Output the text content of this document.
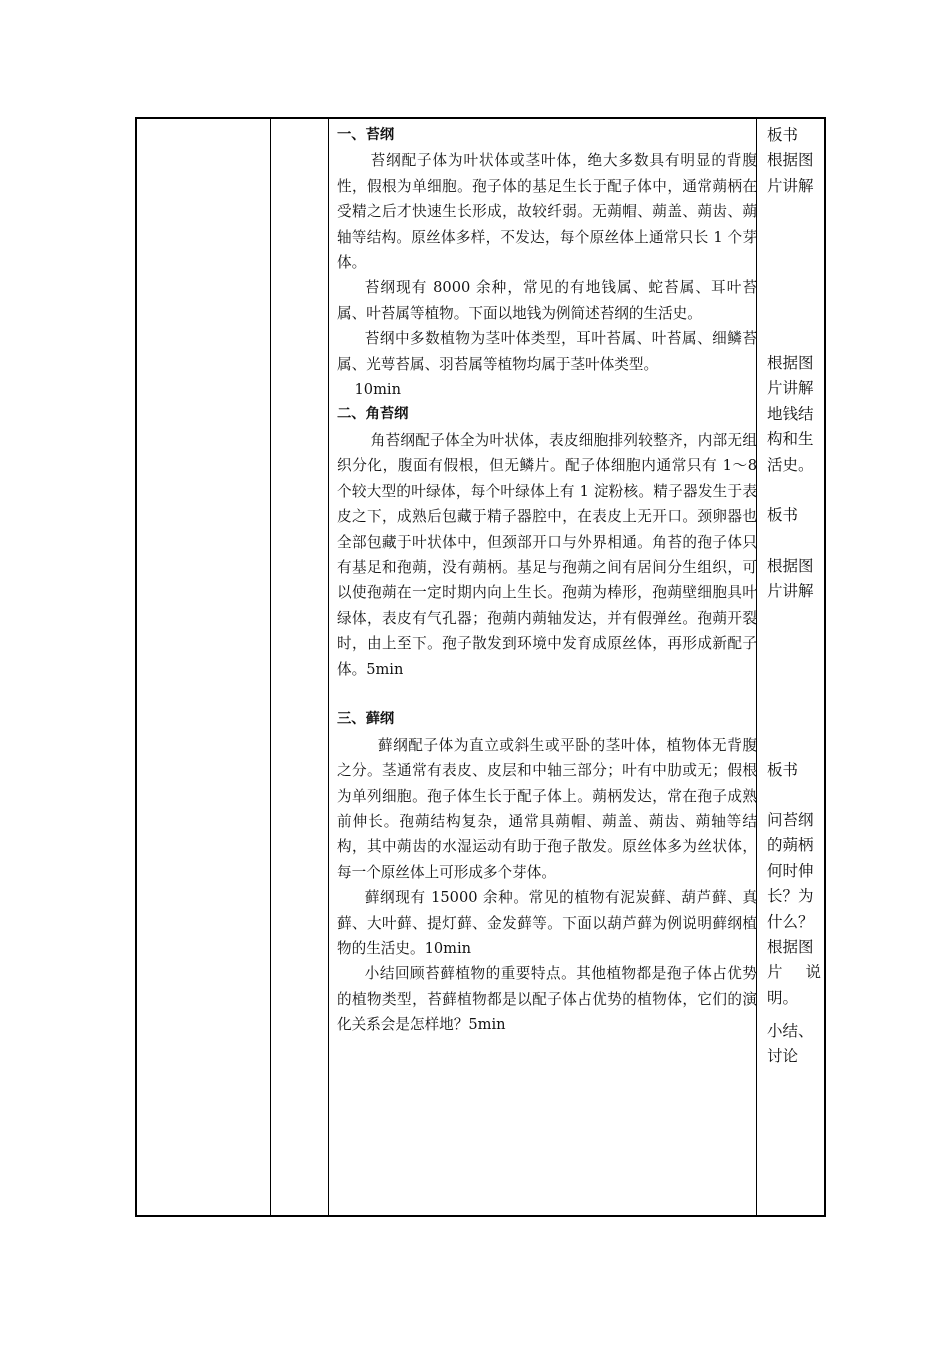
一、苔纲

苔纲配子体为叶状体或茎叶体，绝大多数具有明显的背腹性，假根为单细胞。孢子体的基足生长于配子体中，通常蒴柄在受精之后才快速生长形成，故较纤弱。无蒴帽、蒴盖、蒴齿、蒴轴等结构。原丝体多样，不发达，每个原丝体上通常只长 1 个芽体。

苔纲现有 8000 余种，常见的有地钱属、蛇苔属、耳叶苔属、叶苔属等植物。下面以地钱为例简述苔纲的生活史。

苔纲中多数植物为茎叶体类型，耳叶苔属、叶苔属、细鳞苔属、光萼苔属、羽苔属等植物均属于茎叶体类型。

10min

二、角苔纲

角苔纲配子体全为叶状体，表皮细胞排列较整齐，内部无组织分化，腹面有假根，但无鳞片。配子体细胞内通常只有 1～8 个较大型的叶绿体，每个叶绿体上有 1 淀粉核。精子器发生于表皮之下，成熟后包藏于精子器腔中，在表皮上无开口。颈卵器也全部包藏于叶状体中，但颈部开口与外界相通。角苔的孢子体只有基足和孢蒴，没有蒴柄。基足与孢蒴之间有居间分生组织，可以使孢蒴在一定时期内向上生长。孢蒴为棒形，孢蒴壁细胞具叶绿体，表皮有气孔器；孢蒴内蒴轴发达，并有假弹丝。孢蒴开裂时，由上至下。孢子散发到环境中发育成原丝体，再形成新配子体。5min

三、藓纲

藓纲配子体为直立或斜生或平卧的茎叶体，植物体无背腹之分。茎通常有表皮、皮层和中轴三部分；叶有中肋或无；假根为单列细胞。孢子体生长于配子体上。蒴柄发达，常在孢子成熟前伸长。孢蒴结构复杂，通常具蒴帽、蒴盖、蒴齿、蒴轴等结构，其中蒴齿的水湿运动有助于孢子散发。原丝体多为丝状体，每一个原丝体上可形成多个芽体。

藓纲现有 15000 余种。常见的植物有泥炭藓、葫芦藓、真藓、大叶藓、提灯藓、金发藓等。下面以葫芦藓为例说明藓纲植物的生活史。10min

小结回顾苔藓植物的重要特点。其他植物都是孢子体占优势的植物类型，苔藓植物都是以配子体占优势的植物体，它们的演化关系会是怎样地？5min

板书

根据图

片讲解

根据图

片讲解

地钱结

构和生

活史。

板书

根据图

片讲解

板书

问苔纲

的蒴柄

何时伸

长？为

什么？

根据图

片 说

明。

小结、

讨论
